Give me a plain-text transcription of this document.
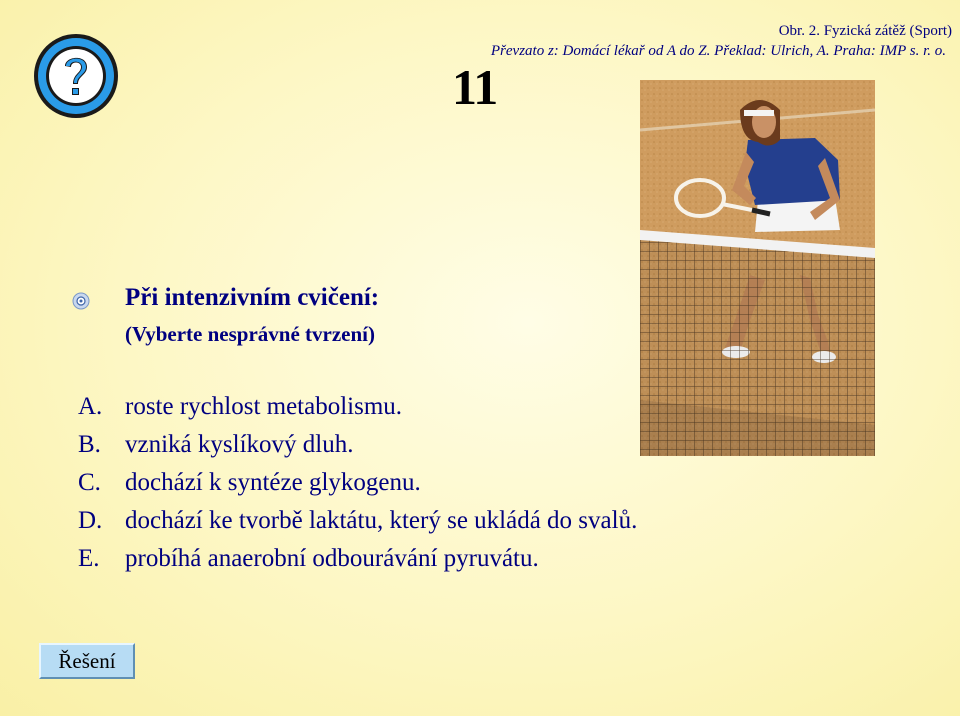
Obr. 2. Fyzická zátěž (Sport)
Převzato z: Domácí lékař od A do Z. Překlad: Ulrich, A. Praha: IMP s. r. o.
11
Při intenzivním cvičení:
(Vyberte nesprávné tvrzení)
A. roste rychlost metabolismu.
B. vzniká kyslíkový dluh.
C. dochází k syntéze glykogenu.
D. dochází ke tvorbě laktátu, který se ukládá do svalů.
E.	probíhá anaerobní odbourávání pyruvátu.
Řešení
